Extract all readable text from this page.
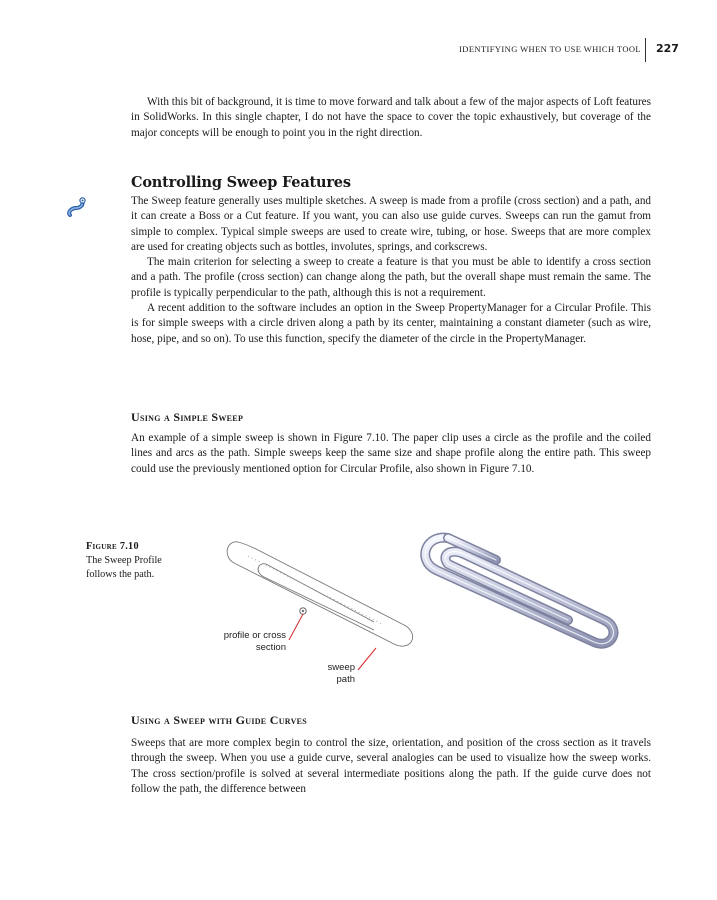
IDENTIFYING WHEN TO USE WHICH TOOL 227

With this bit of background, it is time to move forward and talk about a few of the major aspects of Loft features in SolidWorks. In this single chapter, I do not have the space to cover the topic exhaustively, but coverage of the major concepts will be enough to point you in the right direction.

Controlling Sweep Features

The Sweep feature generally uses multiple sketches. A sweep is made from a profile (cross section) and a path, and it can create a Boss or a Cut feature. If you want, you can also use guide curves. Sweeps can run the gamut from simple to complex. Typical simple sweeps are used to create wire, tubing, or hose. Sweeps that are more complex are used for creating objects such as bottles, involutes, springs, and corkscrews.

The main criterion for selecting a sweep to create a feature is that you must be able to identify a cross section and a path. The profile (cross section) can change along the path, but the overall shape must remain the same. The profile is typically perpendicular to the path, although this is not a requirement.

A recent addition to the software includes an option in the Sweep PropertyManager for a Circular Profile. This is for simple sweeps with a circle driven along a path by its center, maintaining a constant diameter (such as wire, hose, pipe, and so on). To use this function, specify the diameter of the circle in the PropertyManager.

Using a Simple Sweep

An example of a simple sweep is shown in Figure 7.10. The paper clip uses a circle as the profile and the coiled lines and arcs as the path. Simple sweeps keep the same size and shape profile along the entire path. This sweep could use the previously mentioned option for Circular Profile, also shown in Figure 7.10.

Figure 7.10
The Sweep Profile follows the path.
profile or cross
section
sweep
path
Using a Sweep with Guide Curves

Sweeps that are more complex begin to control the size, orientation, and position of the cross section as it travels through the sweep. When you use a guide curve, several analogies can be used to visualize how the sweep works. The cross section/profile is solved at several intermediate positions along the path. If the guide curve does not follow the path, the difference between
